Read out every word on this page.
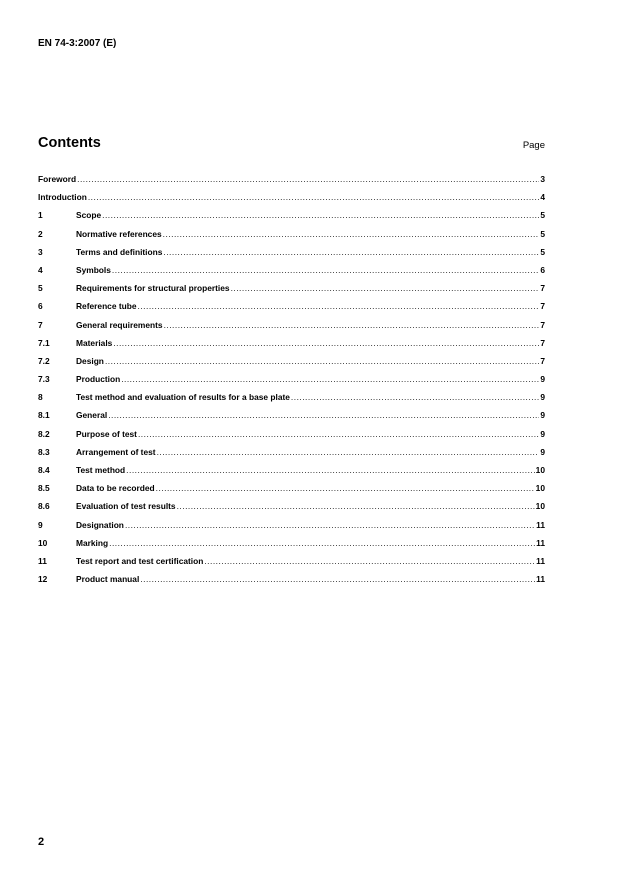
EN 74-3:2007 (E)
Contents	Page
Foreword .....	3
Introduction .....	4
1	Scope .....	5
2	Normative references .....	5
3	Terms and definitions .....	5
4	Symbols .....	6
5	Requirements for structural properties .....	7
6	Reference tube .....	7
7	General requirements .....	7
7.1	Materials .....	7
7.2	Design .....	7
7.3	Production .....	9
8	Test method and evaluation of results for a base plate .....	9
8.1	General .....	9
8.2	Purpose of test .....	9
8.3	Arrangement of test .....	9
8.4	Test method .....	10
8.5	Data to be recorded .....	10
8.6	Evaluation of test results .....	10
9	Designation .....	11
10	Marking .....	11
11	Test report and test certification .....	11
12	Product manual .....	11
2
